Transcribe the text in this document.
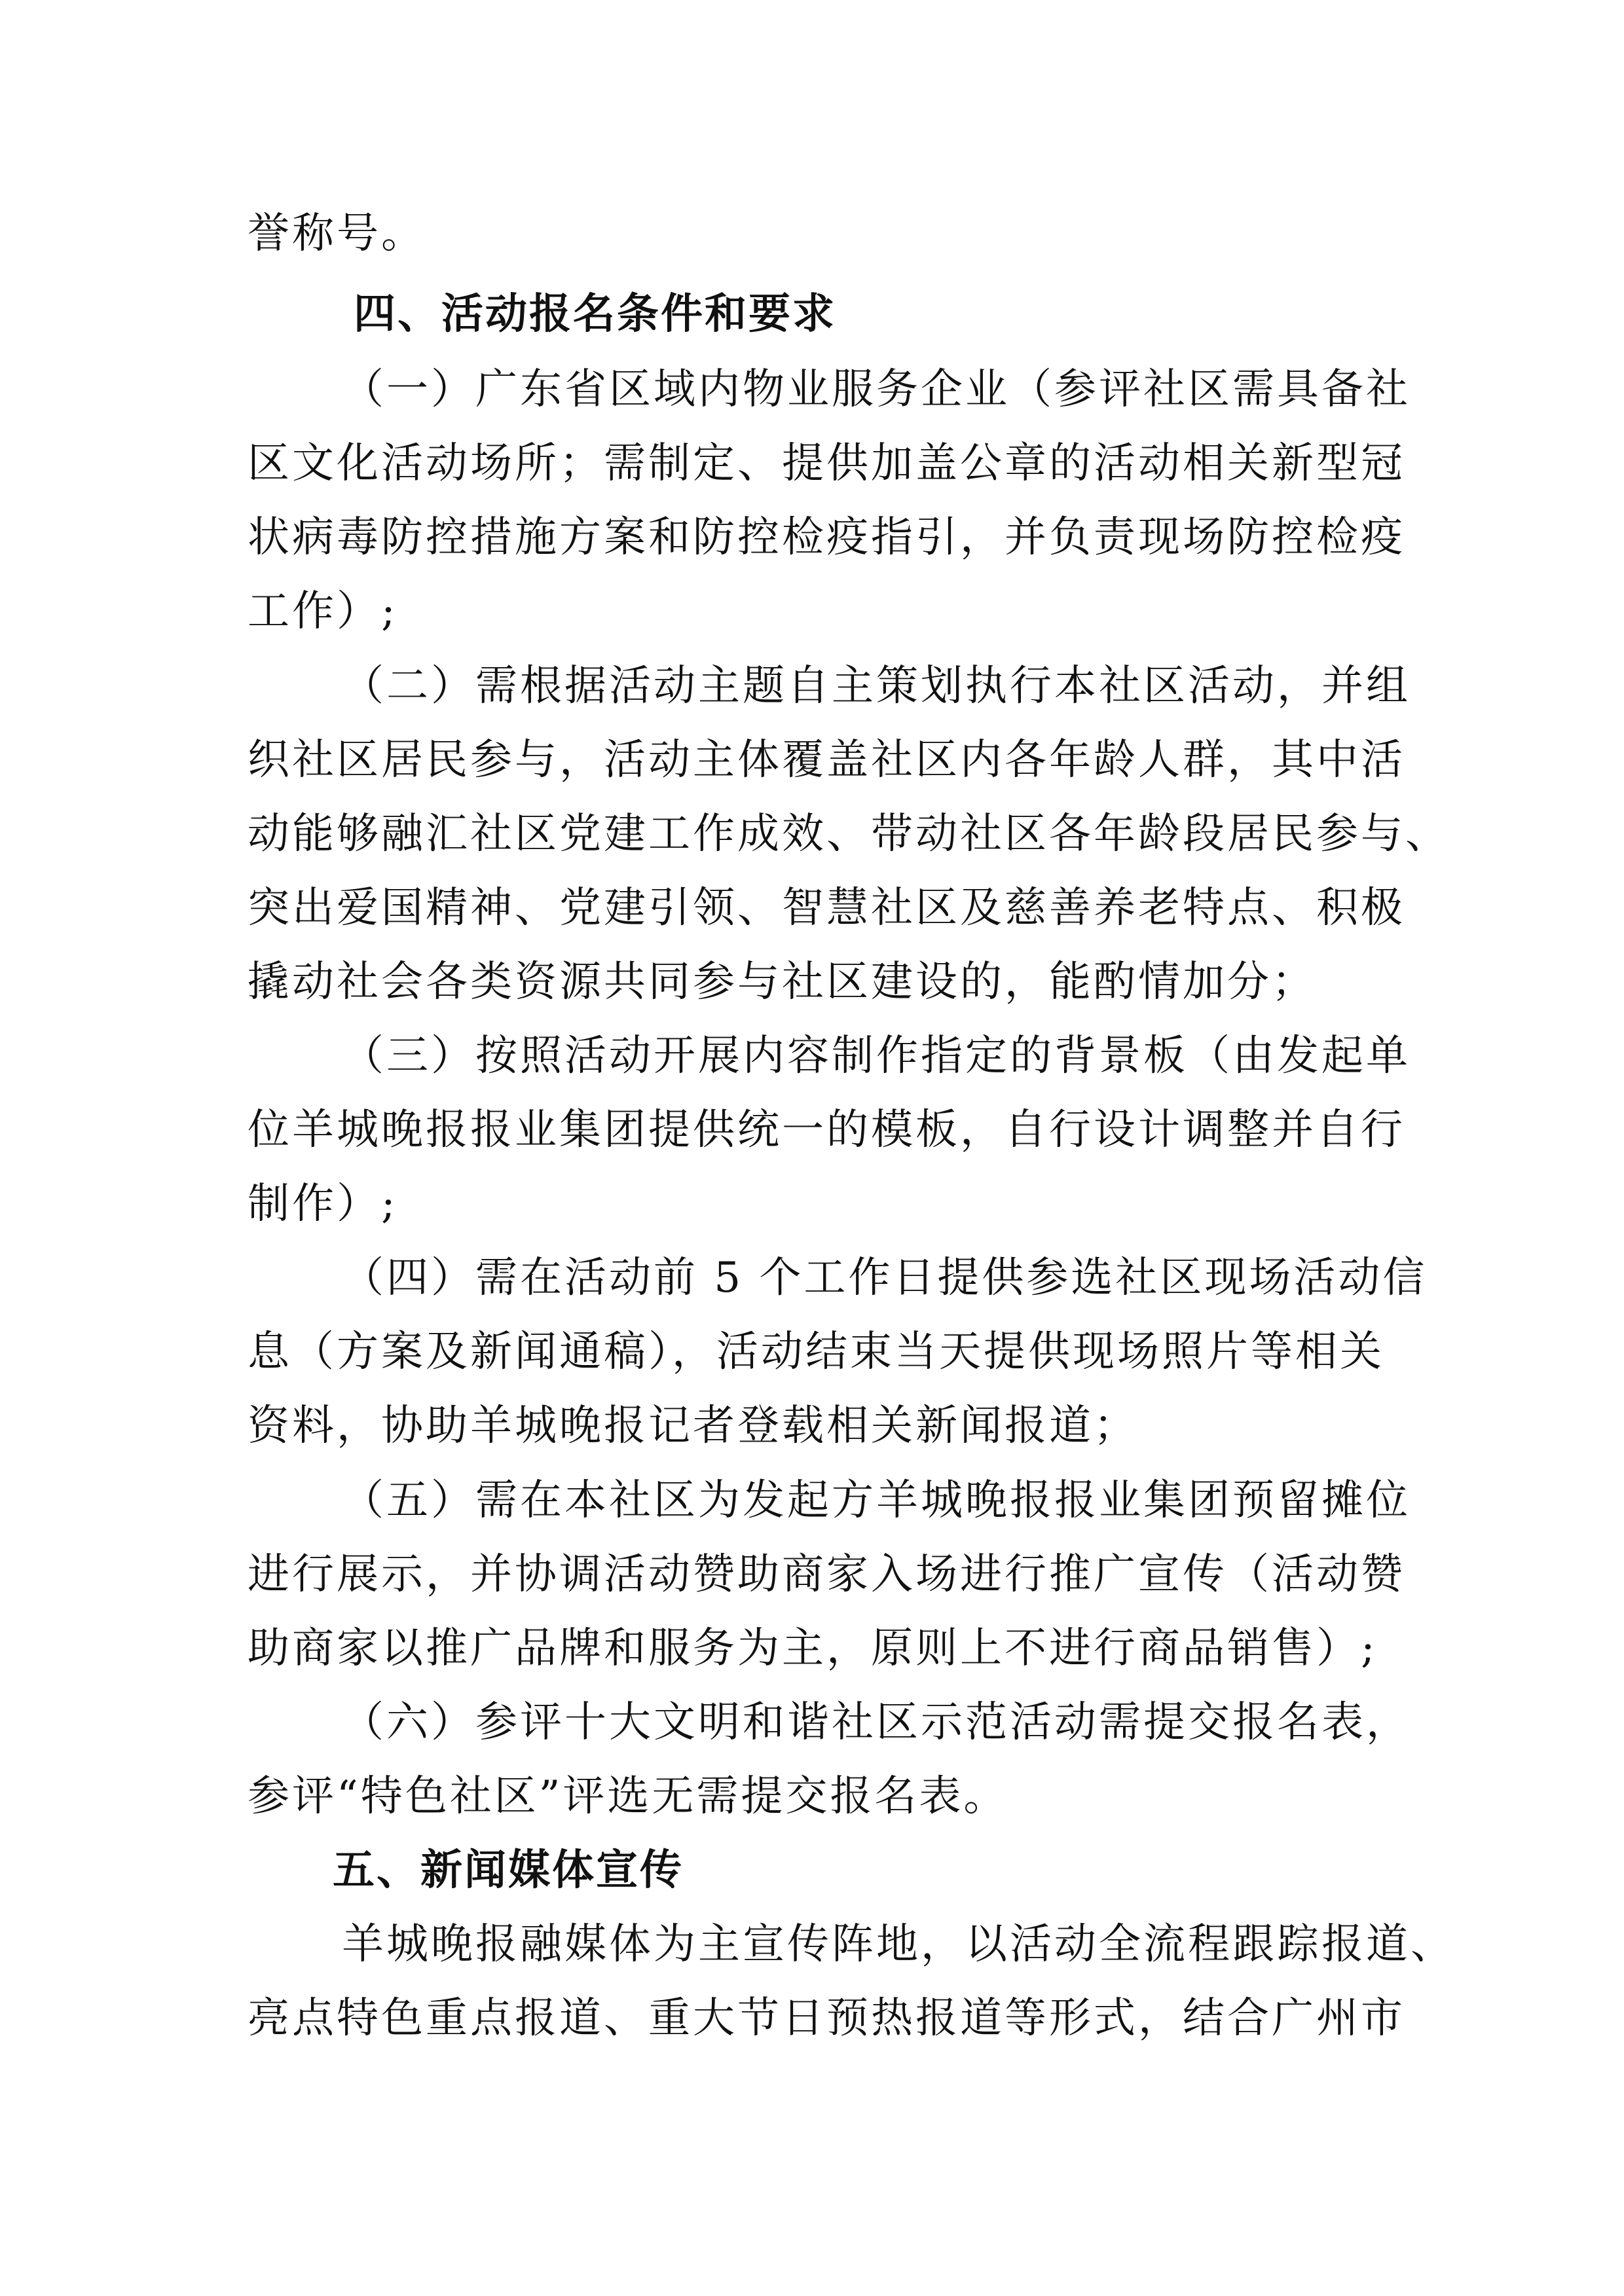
誉称号。
四、活动报名条件和要求
（一）广东省区域内物业服务企业（参评社区需具备社
区文化活动场所；需制定、提供加盖公章的活动相关新型冠
状病毒防控措施方案和防控检疫指引，并负责现场防控检疫
工作）;
（二）需根据活动主题自主策划执行本社区活动，并组
织社区居民参与，活动主体覆盖社区内各年龄人群，其中活
动能够融汇社区党建工作成效、带动社区各年龄段居民参与、
突出爱国精神、党建引领、智慧社区及慈善养老特点、积极
撬动社会各类资源共同参与社区建设的，能酌情加分；
（三）按照活动开展内容制作指定的背景板（由发起单
位羊城晚报报业集团提供统一的模板，自行设计调整并自行
制作）;
（四）需在活动前 5 个工作日提供参选社区现场活动信
息（方案及新闻通稿），活动结束当天提供现场照片等相关
资料，协助羊城晚报记者登载相关新闻报道；
（五）需在本社区为发起方羊城晚报报业集团预留摊位
进行展示，并协调活动赞助商家入场进行推广宣传（活动赞
助商家以推广品牌和服务为主，原则上不进行商品销售）;
（六）参评十大文明和谐社区示范活动需提交报名表，
参评“特色社区”评选无需提交报名表。
五、新闻媒体宣传
羊城晚报融媒体为主宣传阵地，以活动全流程跟踪报道、
亮点特色重点报道、重大节日预热报道等形式，结合广州市
